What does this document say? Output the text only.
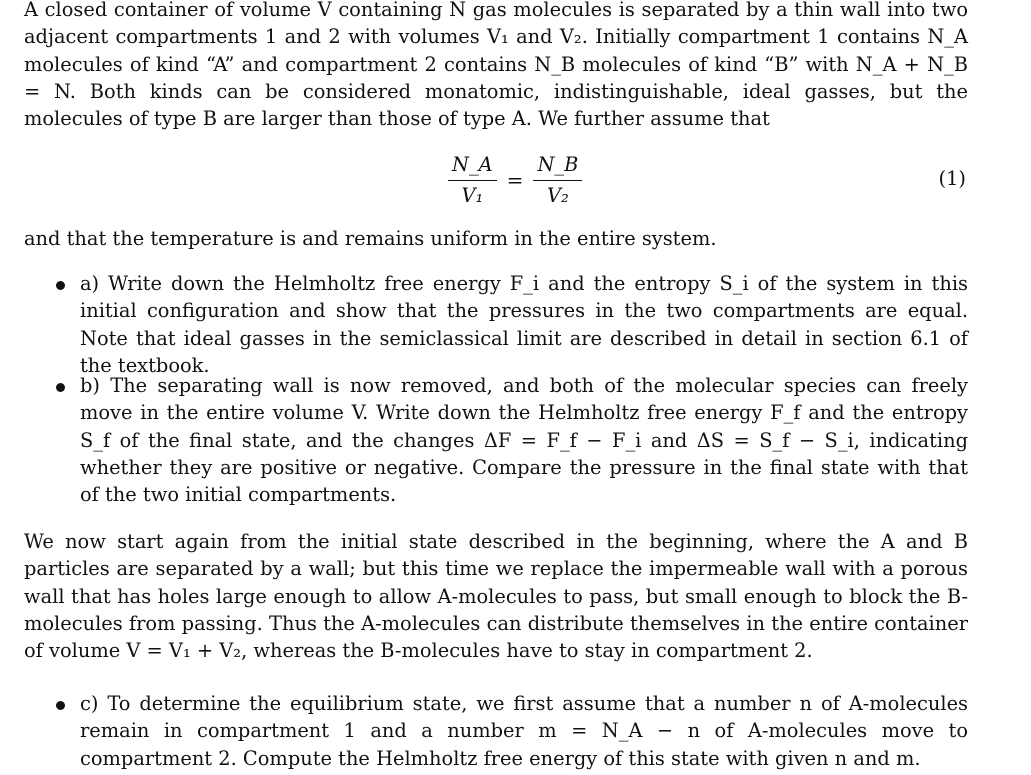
A closed container of volume V containing N gas molecules is separated by a thin wall into two adjacent compartments 1 and 2 with volumes V₁ and V₂. Initially compartment 1 contains N_A molecules of kind “A” and compartment 2 contains N_B molecules of kind “B” with N_A + N_B = N. Both kinds can be considered monatomic, indistinguishable, ideal gasses, but the molecules of type B are larger than those of type A. We further assume that

$\frac{N\_A}{\text{V₁}} = \frac{N\_B}{\text{V₂}}$	(1)

and that the temperature is and remains uniform in the entire system.

a) Write down the Helmholtz free energy F_i and the entropy S_i of the system in this initial configuration and show that the pressures in the two compartments are equal. Note that ideal gasses in the semiclassical limit are described in detail in section 6.1 of the textbook.
b) The separating wall is now removed, and both of the molecular species can freely move in the entire volume V. Write down the Helmholtz free energy F_f and the entropy S_f of the final state, and the changes ΔF = F_f − F_i and ΔS = S_f − S_i, indicating whether they are positive or negative. Compare the pressure in the final state with that of the two initial compartments.

We now start again from the initial state described in the beginning, where the A and B particles are separated by a wall; but this time we replace the impermeable wall with a porous wall that has holes large enough to allow A-molecules to pass, but small enough to block the B-molecules from passing. Thus the A-molecules can distribute themselves in the entire container of volume V = V₁ + V₂, whereas the B-molecules have to stay in compartment 2.

c) To determine the equilibrium state, we first assume that a number n of A-molecules remain in compartment 1 and a number m = N_A − n of A-molecules move to compartment 2. Compute the Helmholtz free energy of this state with given n and m.
